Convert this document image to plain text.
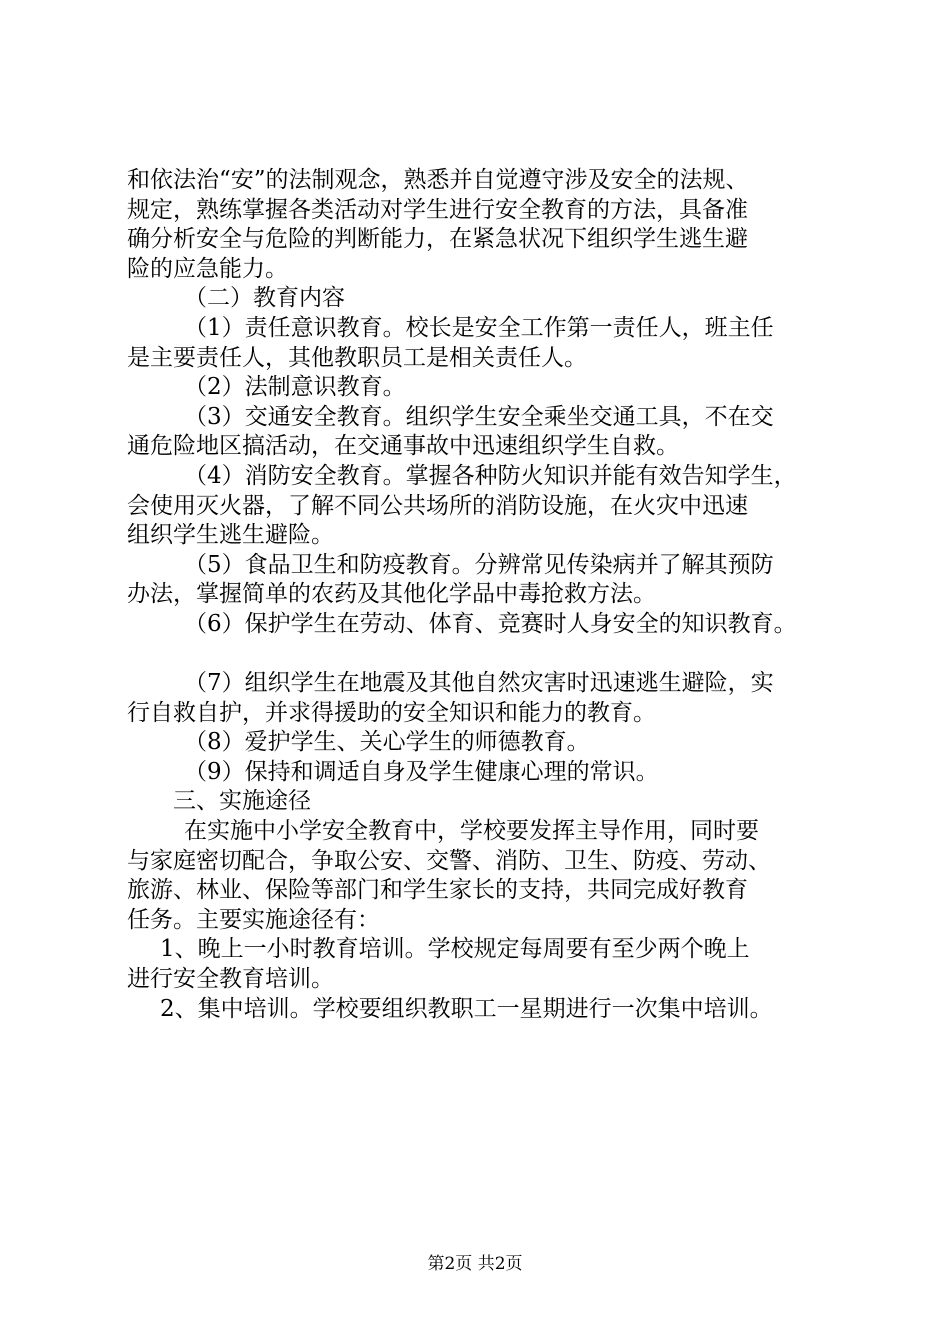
和依法治“安”的法制观念，熟悉并自觉遵守涉及安全的法规、
规定，熟练掌握各类活动对学生进行安全教育的方法，具备准
确分析安全与危险的判断能力，在紧急状况下组织学生逃生避
险的应急能力。
（二）教育内容
（1）责任意识教育。校长是安全工作第一责任人，班主任
是主要责任人，其他教职员工是相关责任人。
（2）法制意识教育。
（3）交通安全教育。组织学生安全乘坐交通工具，不在交
通危险地区搞活动，在交通事故中迅速组织学生自救。
（4）消防安全教育。掌握各种防火知识并能有效告知学生，
会使用灭火器，了解不同公共场所的消防设施，在火灾中迅速
组织学生逃生避险。
（5）食品卫生和防疫教育。分辨常见传染病并了解其预防
办法，掌握简单的农药及其他化学品中毒抢救方法。
（6）保护学生在劳动、体育、竞赛时人身安全的知识教育。
（7）组织学生在地震及其他自然灾害时迅速逃生避险，实
行自救自护，并求得援助的安全知识和能力的教育。
（8）爱护学生、关心学生的师德教育。
（9）保持和调适自身及学生健康心理的常识。
三、实施途径
在实施中小学安全教育中，学校要发挥主导作用，同时要
与家庭密切配合，争取公安、交警、消防、卫生、防疫、劳动、
旅游、林业、保险等部门和学生家长的支持，共同完成好教育
任务。主要实施途径有：
1、晚上一小时教育培训。学校规定每周要有至少两个晚上
进行安全教育培训。
2、集中培训。学校要组织教职工一星期进行一次集中培训。
第2页 共2页
